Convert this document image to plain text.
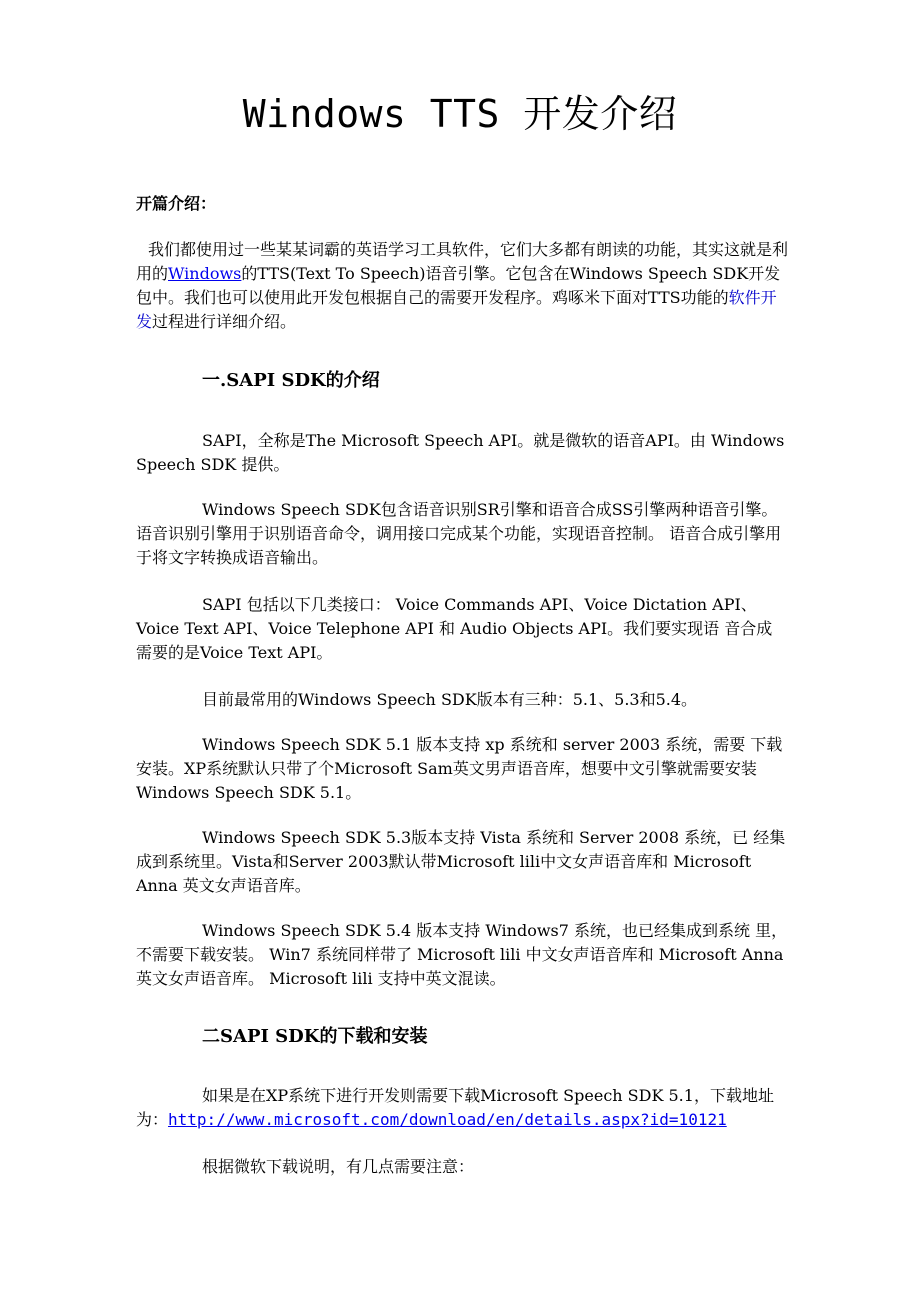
Windows TTS 开发介绍
开篇介绍：
我们都使用过一些某某词霸的英语学习工具软件，它们大多都有朗读的功能，其实这就是利用的Windows的TTS(Text To Speech)语音引擎。它包含在Windows Speech SDK开发包中。我们也可以使用此开发包根据自己的需要开发程序。鸡啄米下面对TTS功能的软件开发过程进行详细介绍。
一.SAPI SDK的介绍
SAPI，全称是The Microsoft Speech API。就是微软的语音API。由 Windows Speech SDK 提供。
Windows Speech SDK包含语音识别SR引擎和语音合成SS引擎两种语音引擎。语音识别引擎用于识别语音命令，调用接口完成某个功能，实现语音控制。 语音合成引擎用于将文字转换成语音输出。
SAPI 包括以下几类接口： Voice Commands API、Voice Dictation API、 Voice Text API、Voice Telephone API 和 Audio Objects API。我们要实现语 音合成需要的是Voice Text API。
目前最常用的Windows Speech SDK版本有三种：5.1、5.3和5.4。
Windows Speech SDK 5.1 版本支持 xp 系统和 server 2003 系统，需要 下载安装。XP系统默认只带了个Microsoft Sam英文男声语音库，想要中文引擎就需要安装 Windows Speech SDK 5.1。
Windows Speech SDK 5.3版本支持 Vista 系统和 Server 2008 系统，已 经集成到系统里。Vista和Server 2003默认带Microsoft lili中文女声语音库和 Microsoft Anna 英文女声语音库。
Windows Speech SDK 5.4 版本支持 Windows7 系统，也已经集成到系统 里，不需要下载安装。 Win7 系统同样带了 Microsoft lili 中文女声语音库和 Microsoft Anna 英文女声语音库。 Microsoft lili 支持中英文混读。
二SAPI SDK的下载和安装
如果是在XP系统下进行开发则需要下载Microsoft Speech SDK 5.1，下载地址为：http://www.microsoft.com/download/en/details.aspx?id=10121
根据微软下载说明，有几点需要注意：
